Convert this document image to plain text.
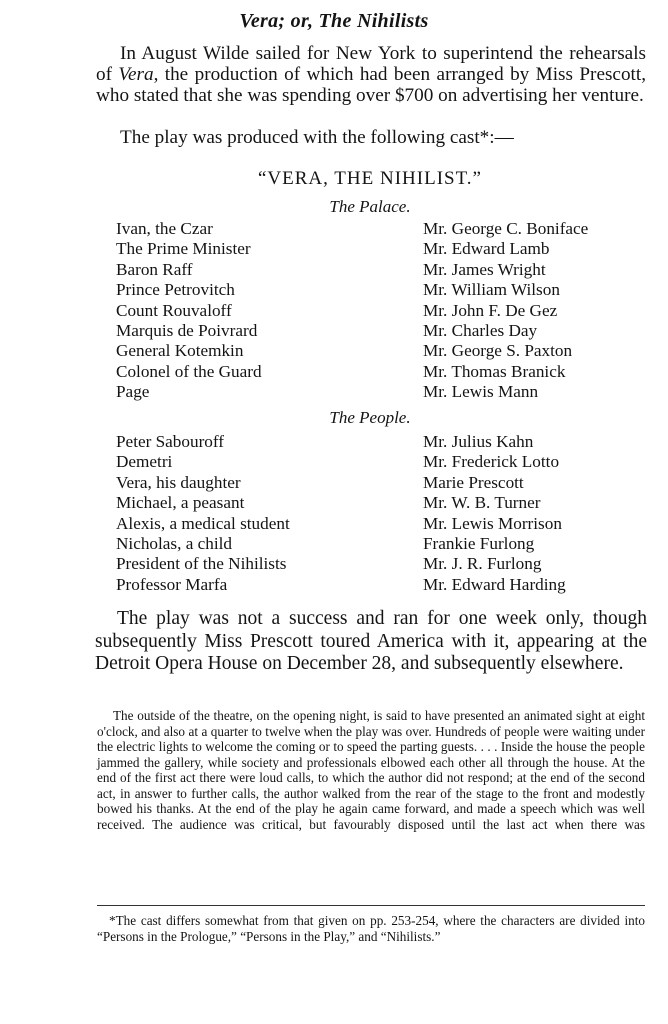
Vera; or, The Nihilists
In August Wilde sailed for New York to superintend the rehearsals of Vera, the production of which had been arranged by Miss Prescott, who stated that she was spending over $700 on advertising her venture.
The play was produced with the following cast*:—
“VERA, THE NIHILIST.”
The Palace.
Ivan, the Czar	Mr. George C. Boniface
The Prime Minister	Mr. Edward Lamb
Baron Raff	Mr. James Wright
Prince Petrovitch	Mr. William Wilson
Count Rouvaloff	Mr. John F. De Gez
Marquis de Poivrard	Mr. Charles Day
General Kotemkin	Mr. George S. Paxton
Colonel of the Guard	Mr. Thomas Branick
Page	Mr. Lewis Mann
The People.
Peter Sabouroff	Mr. Julius Kahn
Demetri	Mr. Frederick Lotto
Vera, his daughter	Marie Prescott
Michael, a peasant	Mr. W. B. Turner
Alexis, a medical student	Mr. Lewis Morrison
Nicholas, a child	Frankie Furlong
President of the Nihilists	Mr. J. R. Furlong
Professor Marfa	Mr. Edward Harding
The play was not a success and ran for one week only, though subsequently Miss Prescott toured America with it, appearing at the Detroit Opera House on December 28, and subsequently elsewhere.
The outside of the theatre, on the opening night, is said to have presented an animated sight at eight o'clock, and also at a quarter to twelve when the play was over. Hundreds of people were waiting under the electric lights to welcome the coming or to speed the parting guests. . . . Inside the house the people jammed the gallery, while society and professionals elbowed each other all through the house. At the end of the first act there were loud calls, to which the author did not respond; at the end of the second act, in answer to further calls, the author walked from the rear of the stage to the front and modestly bowed his thanks. At the end of the play he again came forward, and made a speech which was well received. The audience was critical, but favourably disposed until the last act when there was
*The cast differs somewhat from that given on pp. 253-254, where the characters are divided into “Persons in the Prologue,” “Persons in the Play,” and “Nihilists.”
